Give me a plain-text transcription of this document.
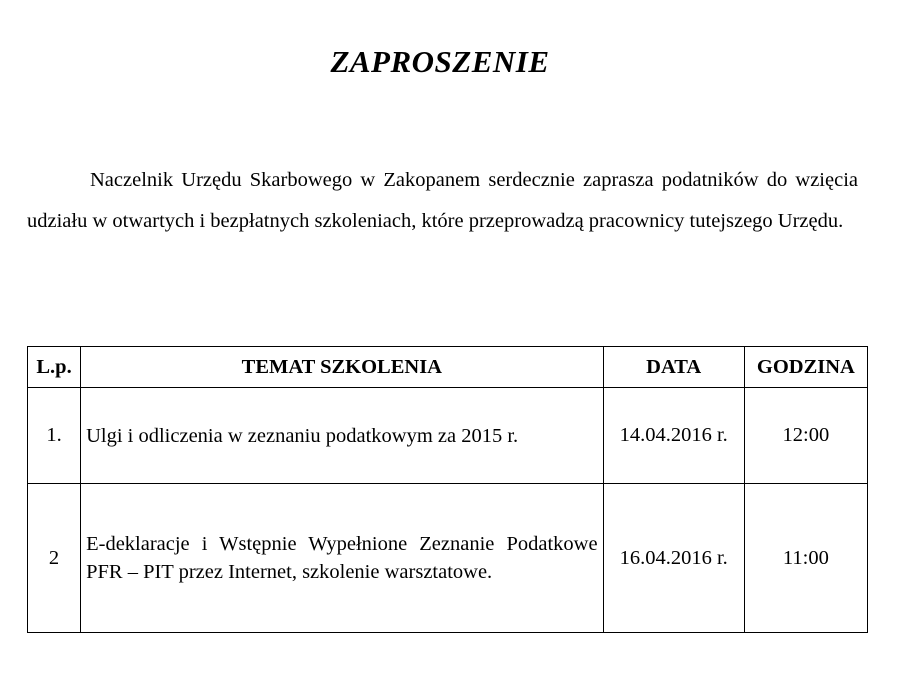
ZAPROSZENIE

Naczelnik Urzędu Skarbowego w Zakopanem serdecznie zaprasza podatników do wzięcia udziału w otwartych i bezpłatnych szkoleniach, które przeprowadzą pracownicy tutejszego Urzędu.

L.p.	TEMAT SZKOLENIA	DATA	GODZINA
1.	Ulgi i odliczenia w zeznaniu podatkowym za 2015 r.	14.04.2016 r.	12:00
2	E-deklaracje i Wstępnie Wypełnione Zeznanie Podatkowe PFR – PIT przez Internet, szkolenie warsztatowe.	16.04.2016 r.	11:00
